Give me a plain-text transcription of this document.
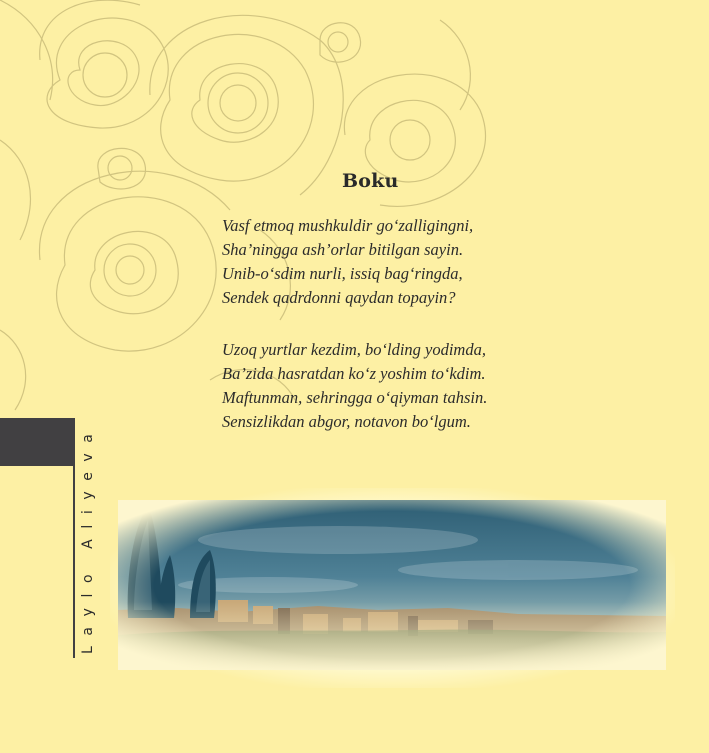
Boku
Vasf etmoq mushkuldir go‘zalligingni,
Sha’ningga ash’orlar bitilgan sayin.
Unib-o‘sdim nurli, issiq bag‘ringda,
Sendek qadrdonni qaydan topayin?
Uzoq yurtlar kezdim, bo‘lding yodimda,
Ba’zida hasratdan ko‘z yoshim to‘kdim.
Maftunman, sehringga o‘qiyman tahsin.
Sensizlikdan abgor, notavon bo‘lgum.
Laylo Aliyeva
